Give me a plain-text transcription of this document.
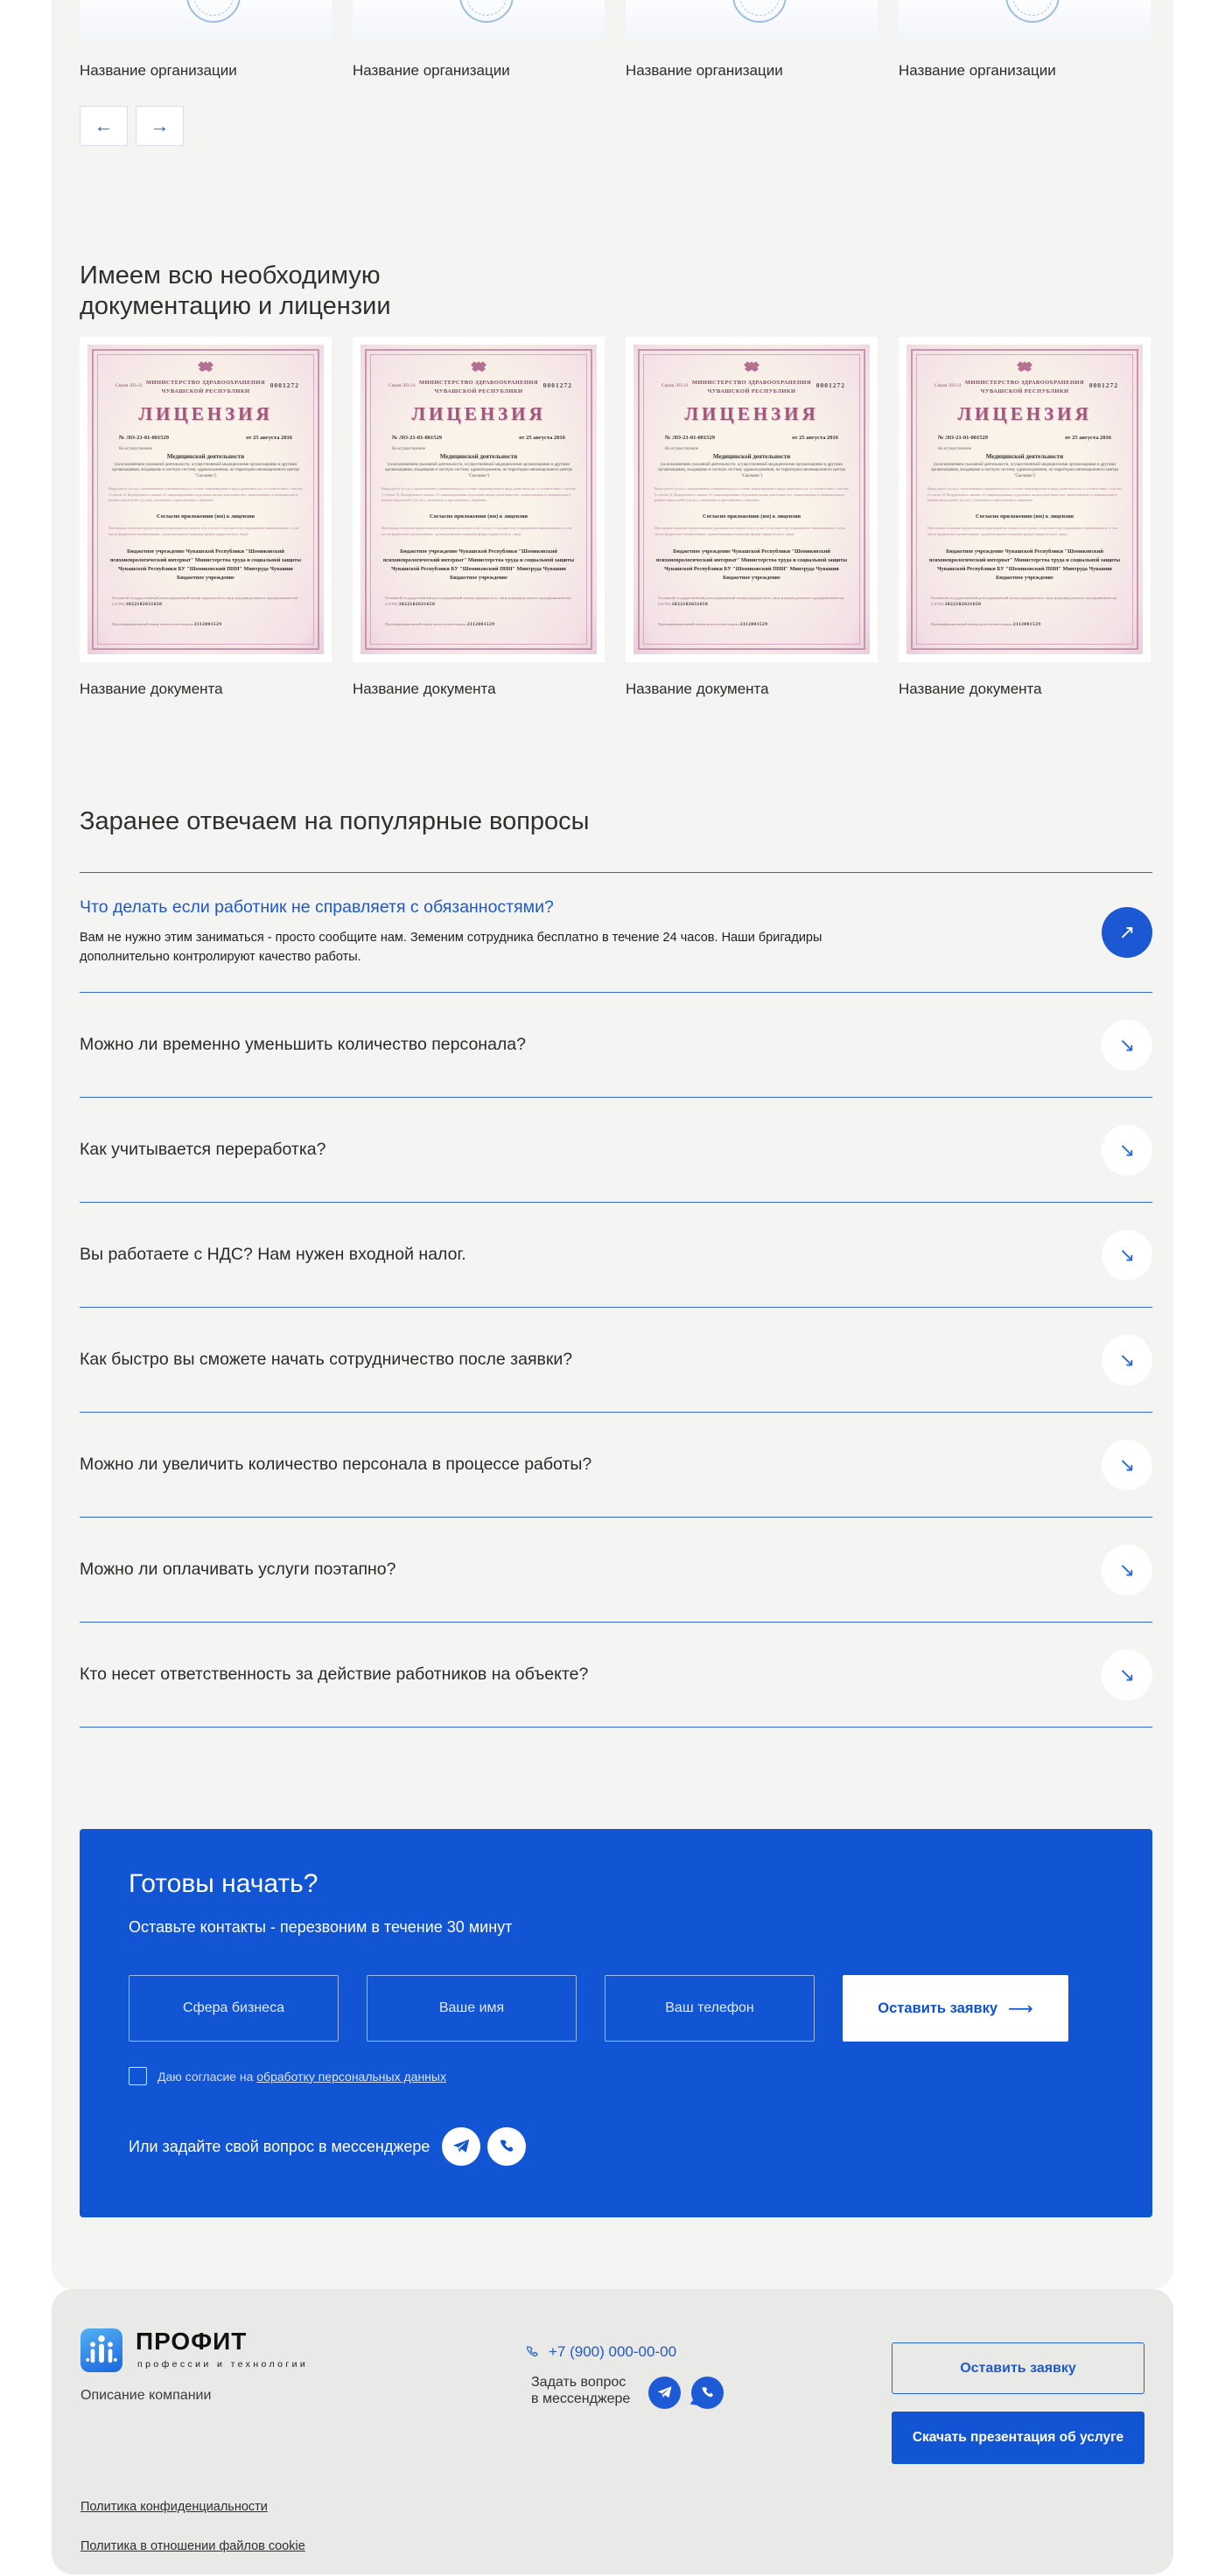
Название организации	Название организации	Название организации	Название организации
← →
Имеем всю необходимую документацию и лицензии
Серия ЛО-21	0001272
МИНИСТЕРСТВО ЗДРАВООХРАНЕНИЯ
ЧУВАШСКОЙ РЕСПУБЛИКИ
ЛИЦЕНЗИЯ
№ ЛО-21-01-001529	от 25 августа 2016
На осуществление
Медицинской деятельности
(за исключением указанной деятельности, осуществляемой медицинскими организациями и другими организациями, входящими в частную систему здравоохранения, на территории инновационного центра "Сколково")
Виды работ (услуг), выполняемых (оказываемых) в составе лицензируемого вида деятельности, в соответствии с частью 2 статьи 12 Федерального закона «О лицензировании отдельных видов деятельности»: выполняемые и оказываемые в рамках видов работ (услуг), указанных в приложении к лицензии
Согласно приложению (ям) к лицензии
Настоящая лицензия предоставлена (указывается полное и (в случае, если имеется) сокращенное наименование, в том числе фирменное наименование, организационно-правовая форма юридического лица)
Бюджетное учреждение Чувашской Республики "Шомиковский психоневрологический интернат" Министерства труда и социальной защиты Чувашской Республики БУ "Шомиковский ПНИ" Минтруда Чувашии Бюджетное учреждение
Основной государственный регистрационный номер юридического лица (индивидуального предпринимателя) (ОГРН) 1022102631650
Идентификационный номер налогоплательщика 2112001529
Название документа
Серия ЛО-21	0001272
МИНИСТЕРСТВО ЗДРАВООХРАНЕНИЯ
ЧУВАШСКОЙ РЕСПУБЛИКИ
ЛИЦЕНЗИЯ
№ ЛО-21-01-001529	от 25 августа 2016
На осуществление
Медицинской деятельности
(за исключением указанной деятельности, осуществляемой медицинскими организациями и другими организациями, входящими в частную систему здравоохранения, на территории инновационного центра "Сколково")
Виды работ (услуг), выполняемых (оказываемых) в составе лицензируемого вида деятельности, в соответствии с частью 2 статьи 12 Федерального закона «О лицензировании отдельных видов деятельности»: выполняемые и оказываемые в рамках видов работ (услуг), указанных в приложении к лицензии
Согласно приложению (ям) к лицензии
Настоящая лицензия предоставлена (указывается полное и (в случае, если имеется) сокращенное наименование, в том числе фирменное наименование, организационно-правовая форма юридического лица)
Бюджетное учреждение Чувашской Республики "Шомиковский психоневрологический интернат" Министерства труда и социальной защиты Чувашской Республики БУ "Шомиковский ПНИ" Минтруда Чувашии Бюджетное учреждение
Основной государственный регистрационный номер юридического лица (индивидуального предпринимателя) (ОГРН) 1022102631650
Идентификационный номер налогоплательщика 2112001529
Название документа
Серия ЛО-21	0001272
МИНИСТЕРСТВО ЗДРАВООХРАНЕНИЯ
ЧУВАШСКОЙ РЕСПУБЛИКИ
ЛИЦЕНЗИЯ
№ ЛО-21-01-001529	от 25 августа 2016
На осуществление
Медицинской деятельности
(за исключением указанной деятельности, осуществляемой медицинскими организациями и другими организациями, входящими в частную систему здравоохранения, на территории инновационного центра "Сколково")
Виды работ (услуг), выполняемых (оказываемых) в составе лицензируемого вида деятельности, в соответствии с частью 2 статьи 12 Федерального закона «О лицензировании отдельных видов деятельности»: выполняемые и оказываемые в рамках видов работ (услуг), указанных в приложении к лицензии
Согласно приложению (ям) к лицензии
Настоящая лицензия предоставлена (указывается полное и (в случае, если имеется) сокращенное наименование, в том числе фирменное наименование, организационно-правовая форма юридического лица)
Бюджетное учреждение Чувашской Республики "Шомиковский психоневрологический интернат" Министерства труда и социальной защиты Чувашской Республики БУ "Шомиковский ПНИ" Минтруда Чувашии Бюджетное учреждение
Основной государственный регистрационный номер юридического лица (индивидуального предпринимателя) (ОГРН) 1022102631650
Идентификационный номер налогоплательщика 2112001529
Название документа
Серия ЛО-21	0001272
МИНИСТЕРСТВО ЗДРАВООХРАНЕНИЯ
ЧУВАШСКОЙ РЕСПУБЛИКИ
ЛИЦЕНЗИЯ
№ ЛО-21-01-001529	от 25 августа 2016
На осуществление
Медицинской деятельности
(за исключением указанной деятельности, осуществляемой медицинскими организациями и другими организациями, входящими в частную систему здравоохранения, на территории инновационного центра "Сколково")
Виды работ (услуг), выполняемых (оказываемых) в составе лицензируемого вида деятельности, в соответствии с частью 2 статьи 12 Федерального закона «О лицензировании отдельных видов деятельности»: выполняемые и оказываемые в рамках видов работ (услуг), указанных в приложении к лицензии
Согласно приложению (ям) к лицензии
Настоящая лицензия предоставлена (указывается полное и (в случае, если имеется) сокращенное наименование, в том числе фирменное наименование, организационно-правовая форма юридического лица)
Бюджетное учреждение Чувашской Республики "Шомиковский психоневрологический интернат" Министерства труда и социальной защиты Чувашской Республики БУ "Шомиковский ПНИ" Минтруда Чувашии Бюджетное учреждение
Основной государственный регистрационный номер юридического лица (индивидуального предпринимателя) (ОГРН) 1022102631650
Идентификационный номер налогоплательщика 2112001529
Название документа
Заранее отвечаем на популярные вопросы
Что делать если работник не справляетя с обязанностями?
Вам не нужно этим заниматься - просто сообщите нам. Земеним сотрудника бесплатно в течение 24 часов. Наши бригадиры дополнительно контролируют качество работы.
↗
Можно ли временно уменьшить количество персонала?	↘
Как учитывается переработка?	↘
Вы работаете с НДС? Нам нужен входной налог.	↘
Как быстро вы сможете начать сотрудничество после заявки?	↘
Можно ли увеличить количество персонала в процессе работы?	↘
Можно ли оплачивать услуги поэтапно?	↘
Кто несет ответственность за действие работников на объекте?	↘
Готовы начать?
Оставьте контакты - перезвоним в течение 30 минут
Сфера бизнеса
Ваше имя
Ваш телефон
Оставить заявку ⟶
Даю согласие на обработку персональных данных
Или задайте свой вопрос в мессенджере
ПРОФИТ
профессии и технологии
Описание компании
+7 (900) 000-00-00
Задать вопрос
в мессенджере
Оставить заявку
Скачать презентация об услуге
Политика конфиденциальности
Политика в отношении файлов cookie
